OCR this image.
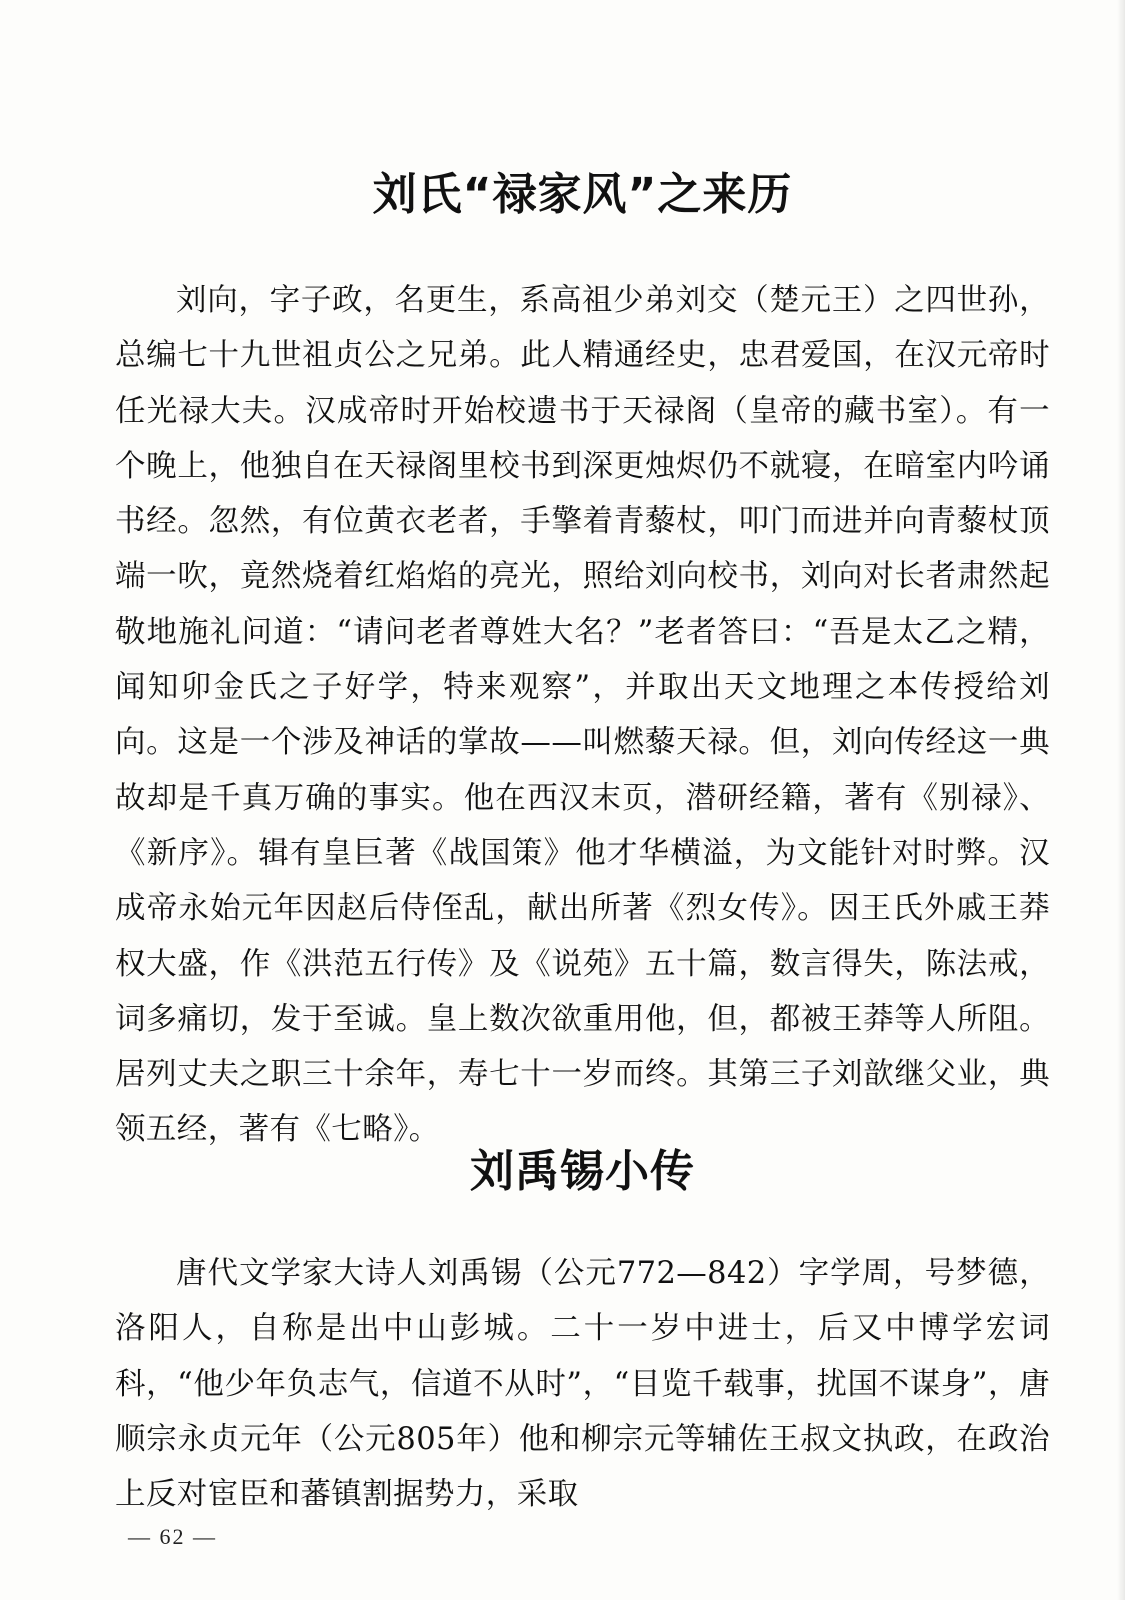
刘氏“禄家风”之来历

刘向，字子政，名更生，系高祖少弟刘交（楚元王）之四世孙，总编七十九世祖贞公之兄弟。此人精通经史，忠君爱国，在汉元帝时任光禄大夫。汉成帝时开始校遗书于天禄阁（皇帝的藏书室）。有一个晚上，他独自在天禄阁里校书到深更烛烬仍不就寝，在暗室内吟诵书经。忽然，有位黄衣老者，手擎着青藜杖，叩门而进并向青藜杖顶端一吹，竟然烧着红焰焰的亮光，照给刘向校书，刘向对长者肃然起敬地施礼问道：“请问老者尊姓大名？”老者答曰：“吾是太乙之精，闻知卯金氏之子好学，特来观察”，并取出天文地理之本传授给刘向。这是一个涉及神话的掌故——叫燃藜天禄。但，刘向传经这一典故却是千真万确的事实。他在西汉末页，潜研经籍，著有《别禄》、《新序》。辑有皇巨著《战国策》他才华横溢，为文能针对时弊。汉成帝永始元年因赵后侍侄乱，献出所著《烈女传》。因王氏外戚王莽权大盛，作《洪范五行传》及《说苑》五十篇，数言得失，陈法戒，词多痛切，发于至诚。皇上数次欲重用他，但，都被王莽等人所阻。居列丈夫之职三十余年，寿七十一岁而终。其第三子刘歆继父业，典领五经，著有《七略》。

刘禹锡小传

唐代文学家大诗人刘禹锡（公元772—842）字学周，号梦德，洛阳人，自称是出中山彭城。二十一岁中进士，后又中博学宏词科，“他少年负志气，信道不从时”，“目览千载事，扰国不谋身”，唐顺宗永贞元年（公元805年）他和柳宗元等辅佐王叔文执政，在政治上反对宦臣和蕃镇割据势力，采取

— 62 —
